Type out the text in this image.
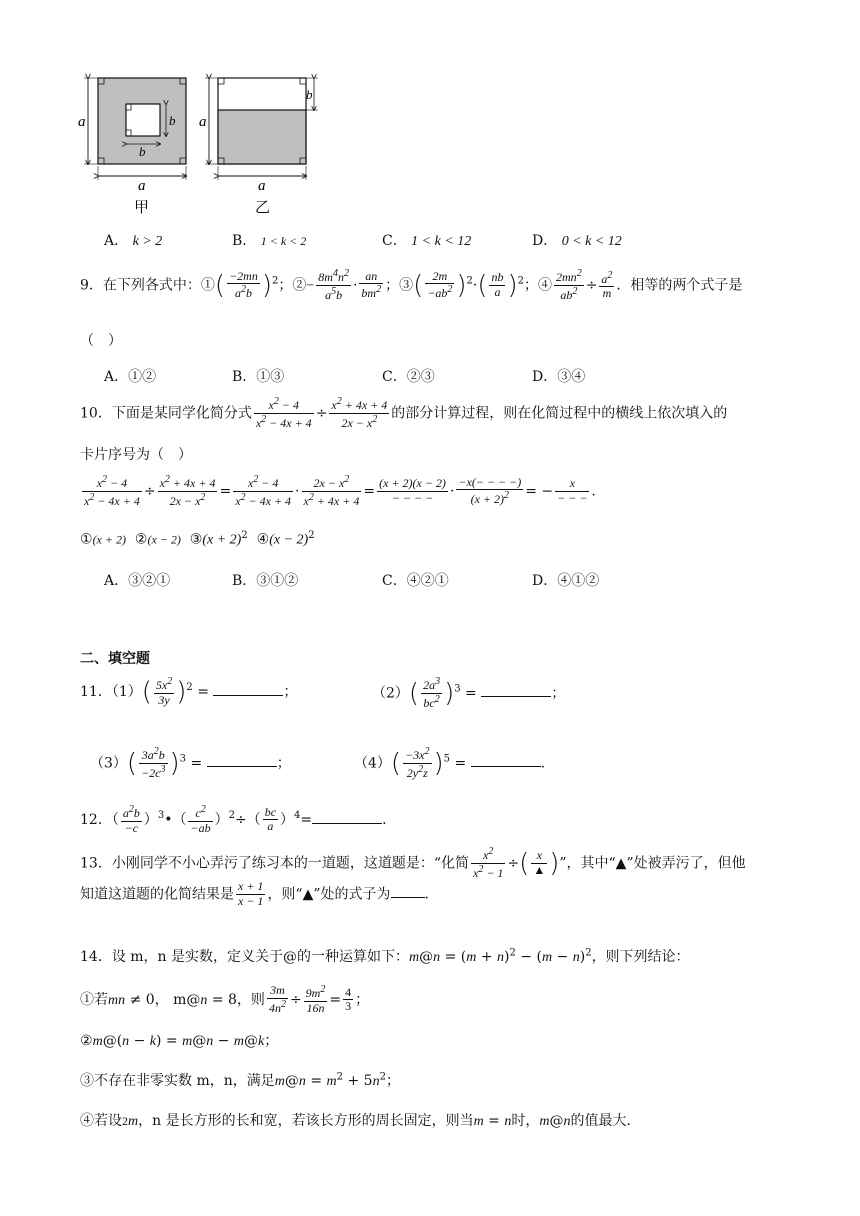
a
a
b
b
a
a
b
甲	乙
A． k > 2	B． 1 < k < 2	C． 1 < k < 12	D． 0 < k < 12
9．在下列各式中：①( $\frac{-2mn}{a^2b} )^2$；②− $\frac{8m^4n^2}{a^5b} \cdot \frac{an}{bm^2}$ ；③( $\frac{2m}{-ab^2} )^2\cdot( \frac{nb}{a} )^2$；④ $\frac{2mn^2}{ab^2} \div \frac{a^2}{m}$ ．相等的两个式子是
（　）
A．①②	B．①③	C．②③	D．③④
10．下面是某同学化简分式 $\frac{x^2 - 4}{x^2 - 4x + 4} \div \frac{x^2 + 4x + 4}{2x - x^2}$ 的部分计算过程，则在化简过程中的横线上依次填入的
卡片序号为（　）
$\frac{x^2 - 4}{x^2 - 4x + 4} \div \frac{x^2 + 4x + 4}{2x - x^2} = \frac{x^2 - 4}{x^2 - 4x + 4} \cdot \frac{2x - x^2}{x^2 + 4x + 4} = \frac{(x + 2)(x - 2)}{- - - -} \cdot \frac{-x(- - - -)}{(x + 2)^2}$ = − $\frac{x}{- - -}$ .
①(x + 2) ②(x − 2) ③(x + 2)$^2$ ④(x − 2)$^2$
A．③②①	B．③①②	C．④②①	D．④①②
二、填空题
11．$(1)( \frac{5x^2}{3y} )^2$ =	；	$(2)( \frac{2a^3}{bc^2} )^3$ =	；
$(3)( \frac{3a^2b}{-2c^3} )^3$ =	；	$(4)( \frac{-3x^2}{2y^2z} )^5$ =	.
12．（ $\frac{a^2b}{-c}$ ）$^3$•（ $\frac{c^2}{-ab} )^2\div( \frac{bc}{a} )^4=$	.
13．小刚同学不小心弄污了练习本的一道题，这道题是：“化简 $\frac{x^2}{x^2 - 1}$ ÷( $\frac{x}{▲}$ )”，其中“▲”处被弄污了，但他
知道这道题的化简结果是 $\frac{x + 1}{x - 1}$ ，则“▲”处的式子为 ．
14．设 m，n 是实数，定义关于@的一种运算如下：m@n = $(m + n)^2 - (m - n)^2$，则下列结论：
①若mn ≠ 0， m@n = 8，则 $\frac{3m}{4n^2} \div \frac{9m^2}{16n} = \frac{4}{3}$ ；
②m@(n − k) = m@n − m@k；
③不存在非零实数 m，n，满足m@n = $m^2 + 5n^2$；
④若设2m，n 是长方形的长和宽，若该长方形的周长固定，则当m = n时，m@n的值最大．
